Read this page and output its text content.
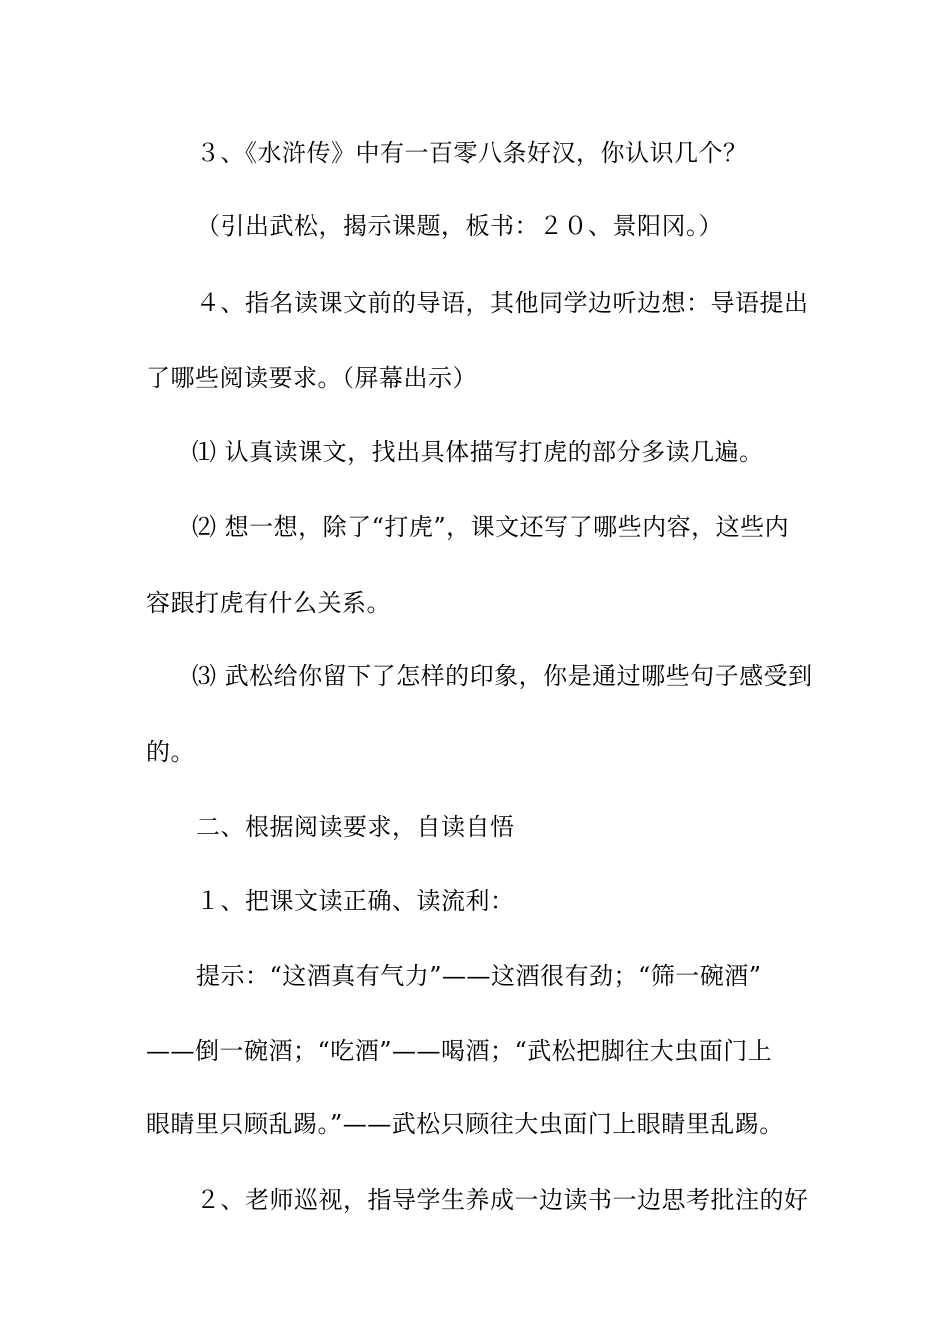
３、《水浒传》中有一百零八条好汉，你认识几个？
（引出武松，揭示课题，板书：２０、景阳冈。）
４、指名读课文前的导语，其他同学边听边想：导语提出
了哪些阅读要求。（屏幕出示）
⑴ 认真读课文，找出具体描写打虎的部分多读几遍。
⑵ 想一想，除了“打虎”，课文还写了哪些内容，这些内
容跟打虎有什么关系。
⑶ 武松给你留下了怎样的印象，你是通过哪些句子感受到
的。
二、根据阅读要求，自读自悟
１、把课文读正确、读流利：
提示：“这酒真有气力”——这酒很有劲；“筛一碗酒”
——倒一碗酒；“吃酒”——喝酒；“武松把脚往大虫面门上
眼睛里只顾乱踢。”——武松只顾往大虫面门上眼睛里乱踢。
２、老师巡视，指导学生养成一边读书一边思考批注的好
